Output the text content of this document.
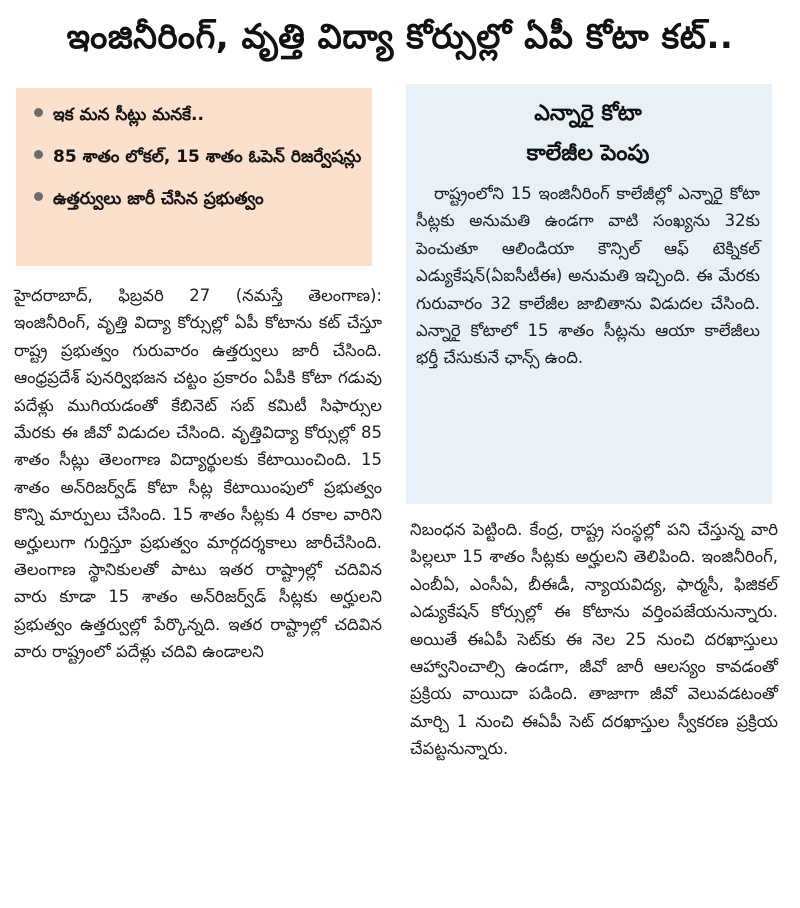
ఇంజినీరింగ్, వృత్తి విద్యా కోర్సుల్లో ఏపీ కోటా కట్..
ఇక మన సీట్లు మనకే..
85 శాతం లోకల్, 15 శాతం ఓపెన్ రిజర్వేషన్లు
ఉత్తర్వులు జారీ చేసిన ప్రభుత్వం
ఎన్నారై కోటా
కాలేజీల పెంపు

రాష్ట్రంలోని 15 ఇంజినీరింగ్ కాలేజీల్లో ఎన్నారై కోటా సీట్లకు అనుమతి ఉండగా వాటి సంఖ్యను 32కు పెంచుతూ ఆలిండియా కౌన్సిల్ ఆఫ్ టెక్నికల్ ఎడ్యుకేషన్(ఏఐసీటీఈ) అనుమతి ఇచ్చింది. ఈ మేరకు గురువారం 32 కాలేజీల జాబితాను విడుదల చేసింది. ఎన్నారై కోటాలో 15 శాతం సీట్లను ఆయా కాలేజీలు భర్తీ చేసుకునే ఛాన్స్ ఉంది.

హైదరాబాద్, ఫిబ్రవరి 27 (నమస్తే తెలంగాణ): ఇంజినీరింగ్, వృత్తి విద్యా కోర్సుల్లో ఏపీ కోటాను కట్ చేస్తూ రాష్ట్ర ప్రభుత్వం గురువారం ఉత్తర్వులు జారీ చేసింది. ఆంధ్రప్రదేశ్ పునర్విభజన చట్టం ప్రకారం ఏపీకి కోటా గడువు పదేళ్లు ముగియడంతో కేబినెట్ సబ్ కమిటీ సిఫార్సుల మేరకు ఈ జీవో విడుదల చేసింది. వృత్తివిద్యా కోర్సుల్లో 85 శాతం సీట్లు తెలంగాణ విద్యార్థులకు కేటాయించింది. 15 శాతం అన్‌రిజర్వ్‌డ్ కోటా సీట్ల కేటాయింపులో ప్రభుత్వం కొన్ని మార్పులు చేసింది. 15 శాతం సీట్లకు 4 రకాల వారిని అర్హులుగా గుర్తిస్తూ ప్రభుత్వం మార్గదర్శకాలు జారీచేసింది. తెలంగాణ స్థానికులతో పాటు ఇతర రాష్ట్రాల్లో చదివిన వారు కూడా 15 శాతం అన్‌రిజర్వ్‌డ్ సీట్లకు అర్హులని ప్రభుత్వం ఉత్తర్వుల్లో పేర్కొన్నది. ఇతర రాష్ట్రాల్లో చదివిన వారు రాష్ట్రంలో పదేళ్లు చదివి ఉండాలని

నిబంధన పెట్టింది. కేంద్ర, రాష్ట్ర సంస్థల్లో పని చేస్తున్న వారి పిల్లలూ 15 శాతం సీట్లకు అర్హులని తెలిపింది. ఇంజినీరింగ్, ఎంబీఏ, ఎంసీఏ, బీఈడీ, న్యాయవిద్య, ఫార్మసీ, ఫిజికల్ ఎడ్యుకేషన్ కోర్సుల్లో ఈ కోటాను వర్తింపజేయనున్నారు. అయితే ఈఏపీ సెట్‌కు ఈ నెల 25 నుంచి దరఖాస్తులు ఆహ్వానించాల్సి ఉండగా, జీవో జారీ ఆలస్యం కావడంతో ప్రక్రియ వాయిదా పడింది. తాజాగా జీవో వెలువడటంతో మార్చి 1 నుంచి ఈఏపీ సెట్ దరఖాస్తుల స్వీకరణ ప్రక్రియ చేపట్టనున్నారు.
